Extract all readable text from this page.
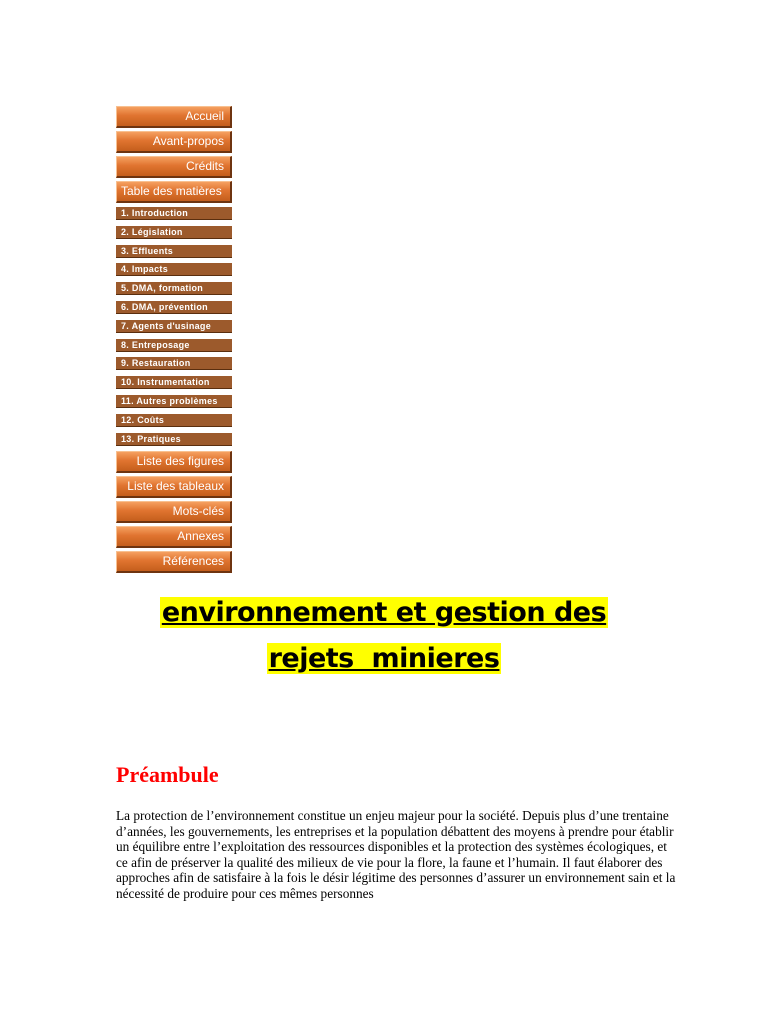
Accueil
Avant-propos
Crédits
Table des matières
1. Introduction
2. Législation
3. Effluents
4. Impacts
5. DMA, formation
6. DMA, prévention
7. Agents d'usinage
8. Entreposage
9. Restauration
10. Instrumentation
11. Autres problèmes
12. Coûts
13. Pratiques
Liste des figures
Liste des tableaux
Mots-clés
Annexes
Références
environnement et gestion des
rejets  minieres
Préambule

La protection de l’environnement constitue un enjeu majeur pour la société. Depuis plus d’une trentaine d’années, les gouvernements, les entreprises et la population débattent des moyens à prendre pour établir un équilibre entre l’exploitation des ressources disponibles et la protection des systèmes écologiques, et ce afin de préserver la qualité des milieux de vie pour la flore, la faune et l’humain. Il faut élaborer des approches afin de satisfaire à la fois le désir légitime des personnes d’assurer un environnement sain et la nécessité de produire pour ces mêmes personnes
